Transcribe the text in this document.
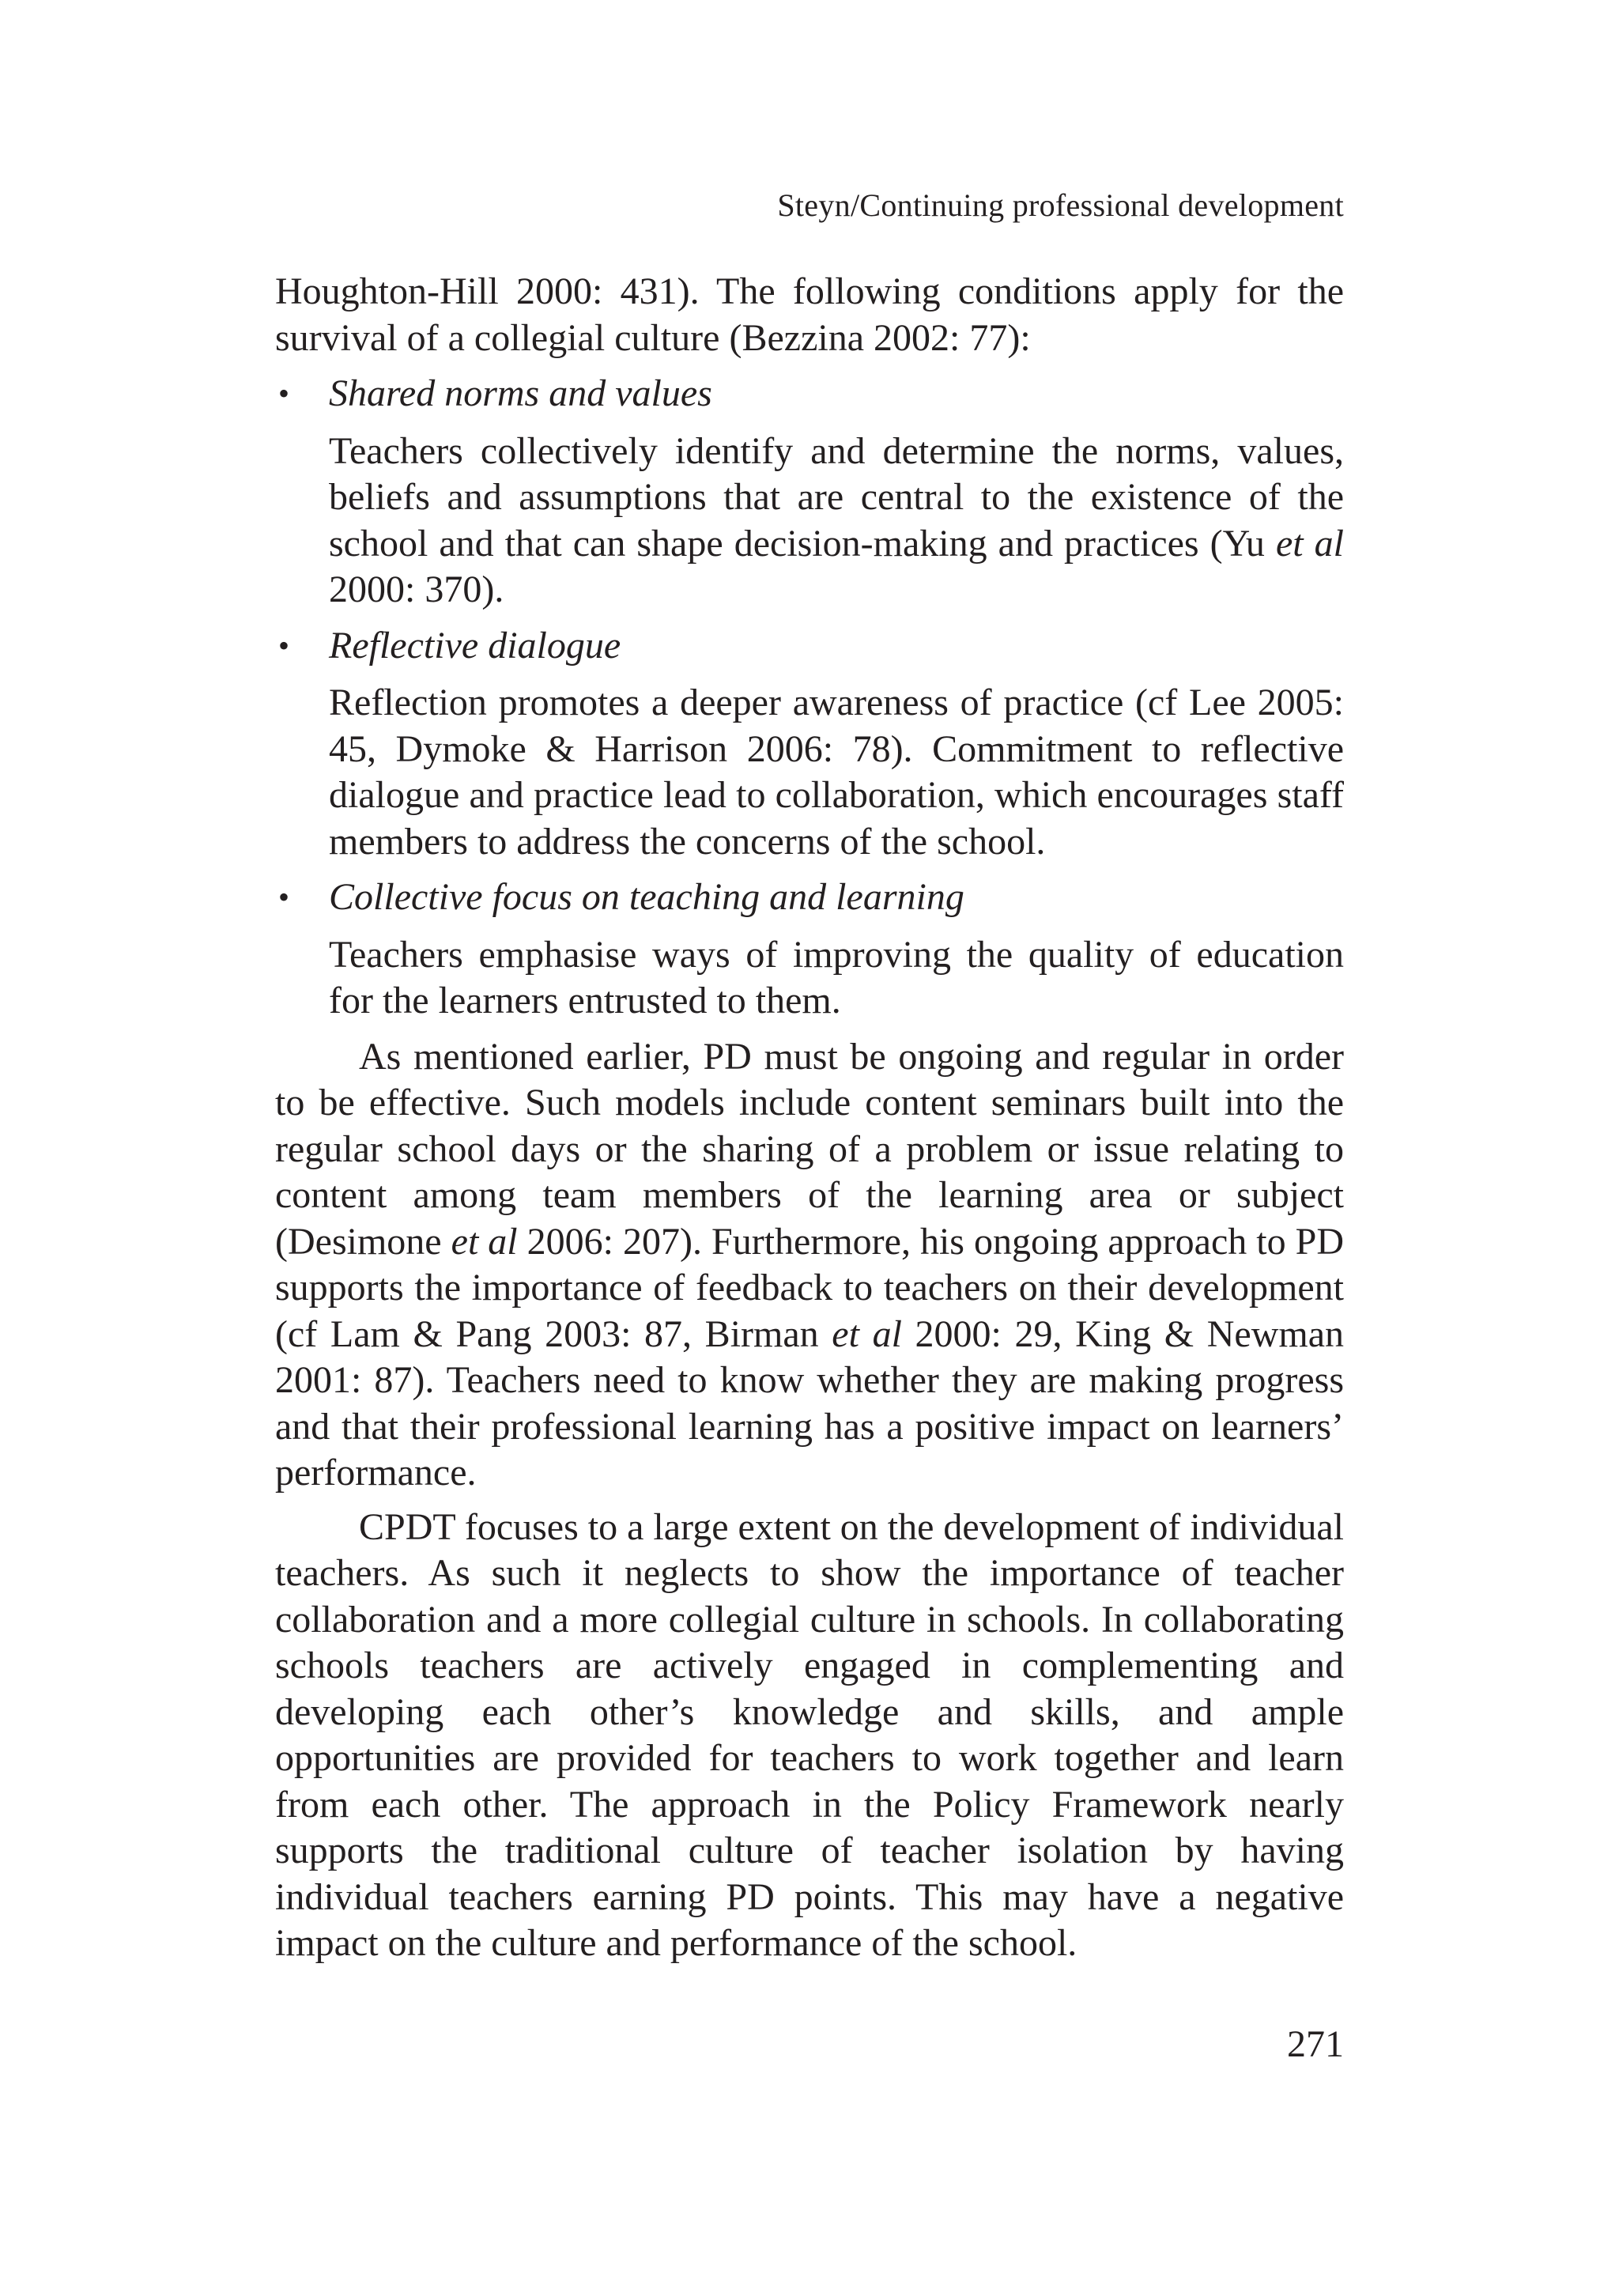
Steyn/Continuing professional development

Houghton-Hill 2000: 431). The following conditions apply for the survival of a collegial culture (Bezzina 2002: 77):

• Shared norms and values
Teachers collectively identify and determine the norms, values, beliefs and assumptions that are central to the existence of the school and that can shape decision-making and practices (Yu et al 2000: 370).
• Reflective dialogue
Reflection promotes a deeper awareness of practice (cf Lee 2005: 45, Dymoke & Harrison 2006: 78). Commitment to reflective dialogue and practice lead to collaboration, which encourages staff members to address the concerns of the school.
• Collective focus on teaching and learning
Teachers emphasise ways of improving the quality of education for the learners entrusted to them.

As mentioned earlier, PD must be ongoing and regular in order to be effective. Such models include content seminars built into the regular school days or the sharing of a problem or issue relating to content among team members of the learning area or subject (Desimone et al 2006: 207). Furthermore, his ongoing approach to PD supports the importance of feedback to teachers on their development (cf Lam & Pang 2003: 87, Birman et al 2000: 29, King & Newman 2001: 87). Teachers need to know whether they are making progress and that their professional learning has a positive impact on learners’ performance.

CPDT focuses to a large extent on the development of individual teachers. As such it neglects to show the importance of teacher collaboration and a more collegial culture in schools. In collaborating schools teachers are actively engaged in complementing and developing each other’s knowledge and skills, and ample opportunities are provided for teachers to work together and learn from each other. The approach in the Policy Framework nearly supports the traditional culture of teacher isolation by having individual teachers earning PD points. This may have a negative impact on the culture and performance of the school.

271
